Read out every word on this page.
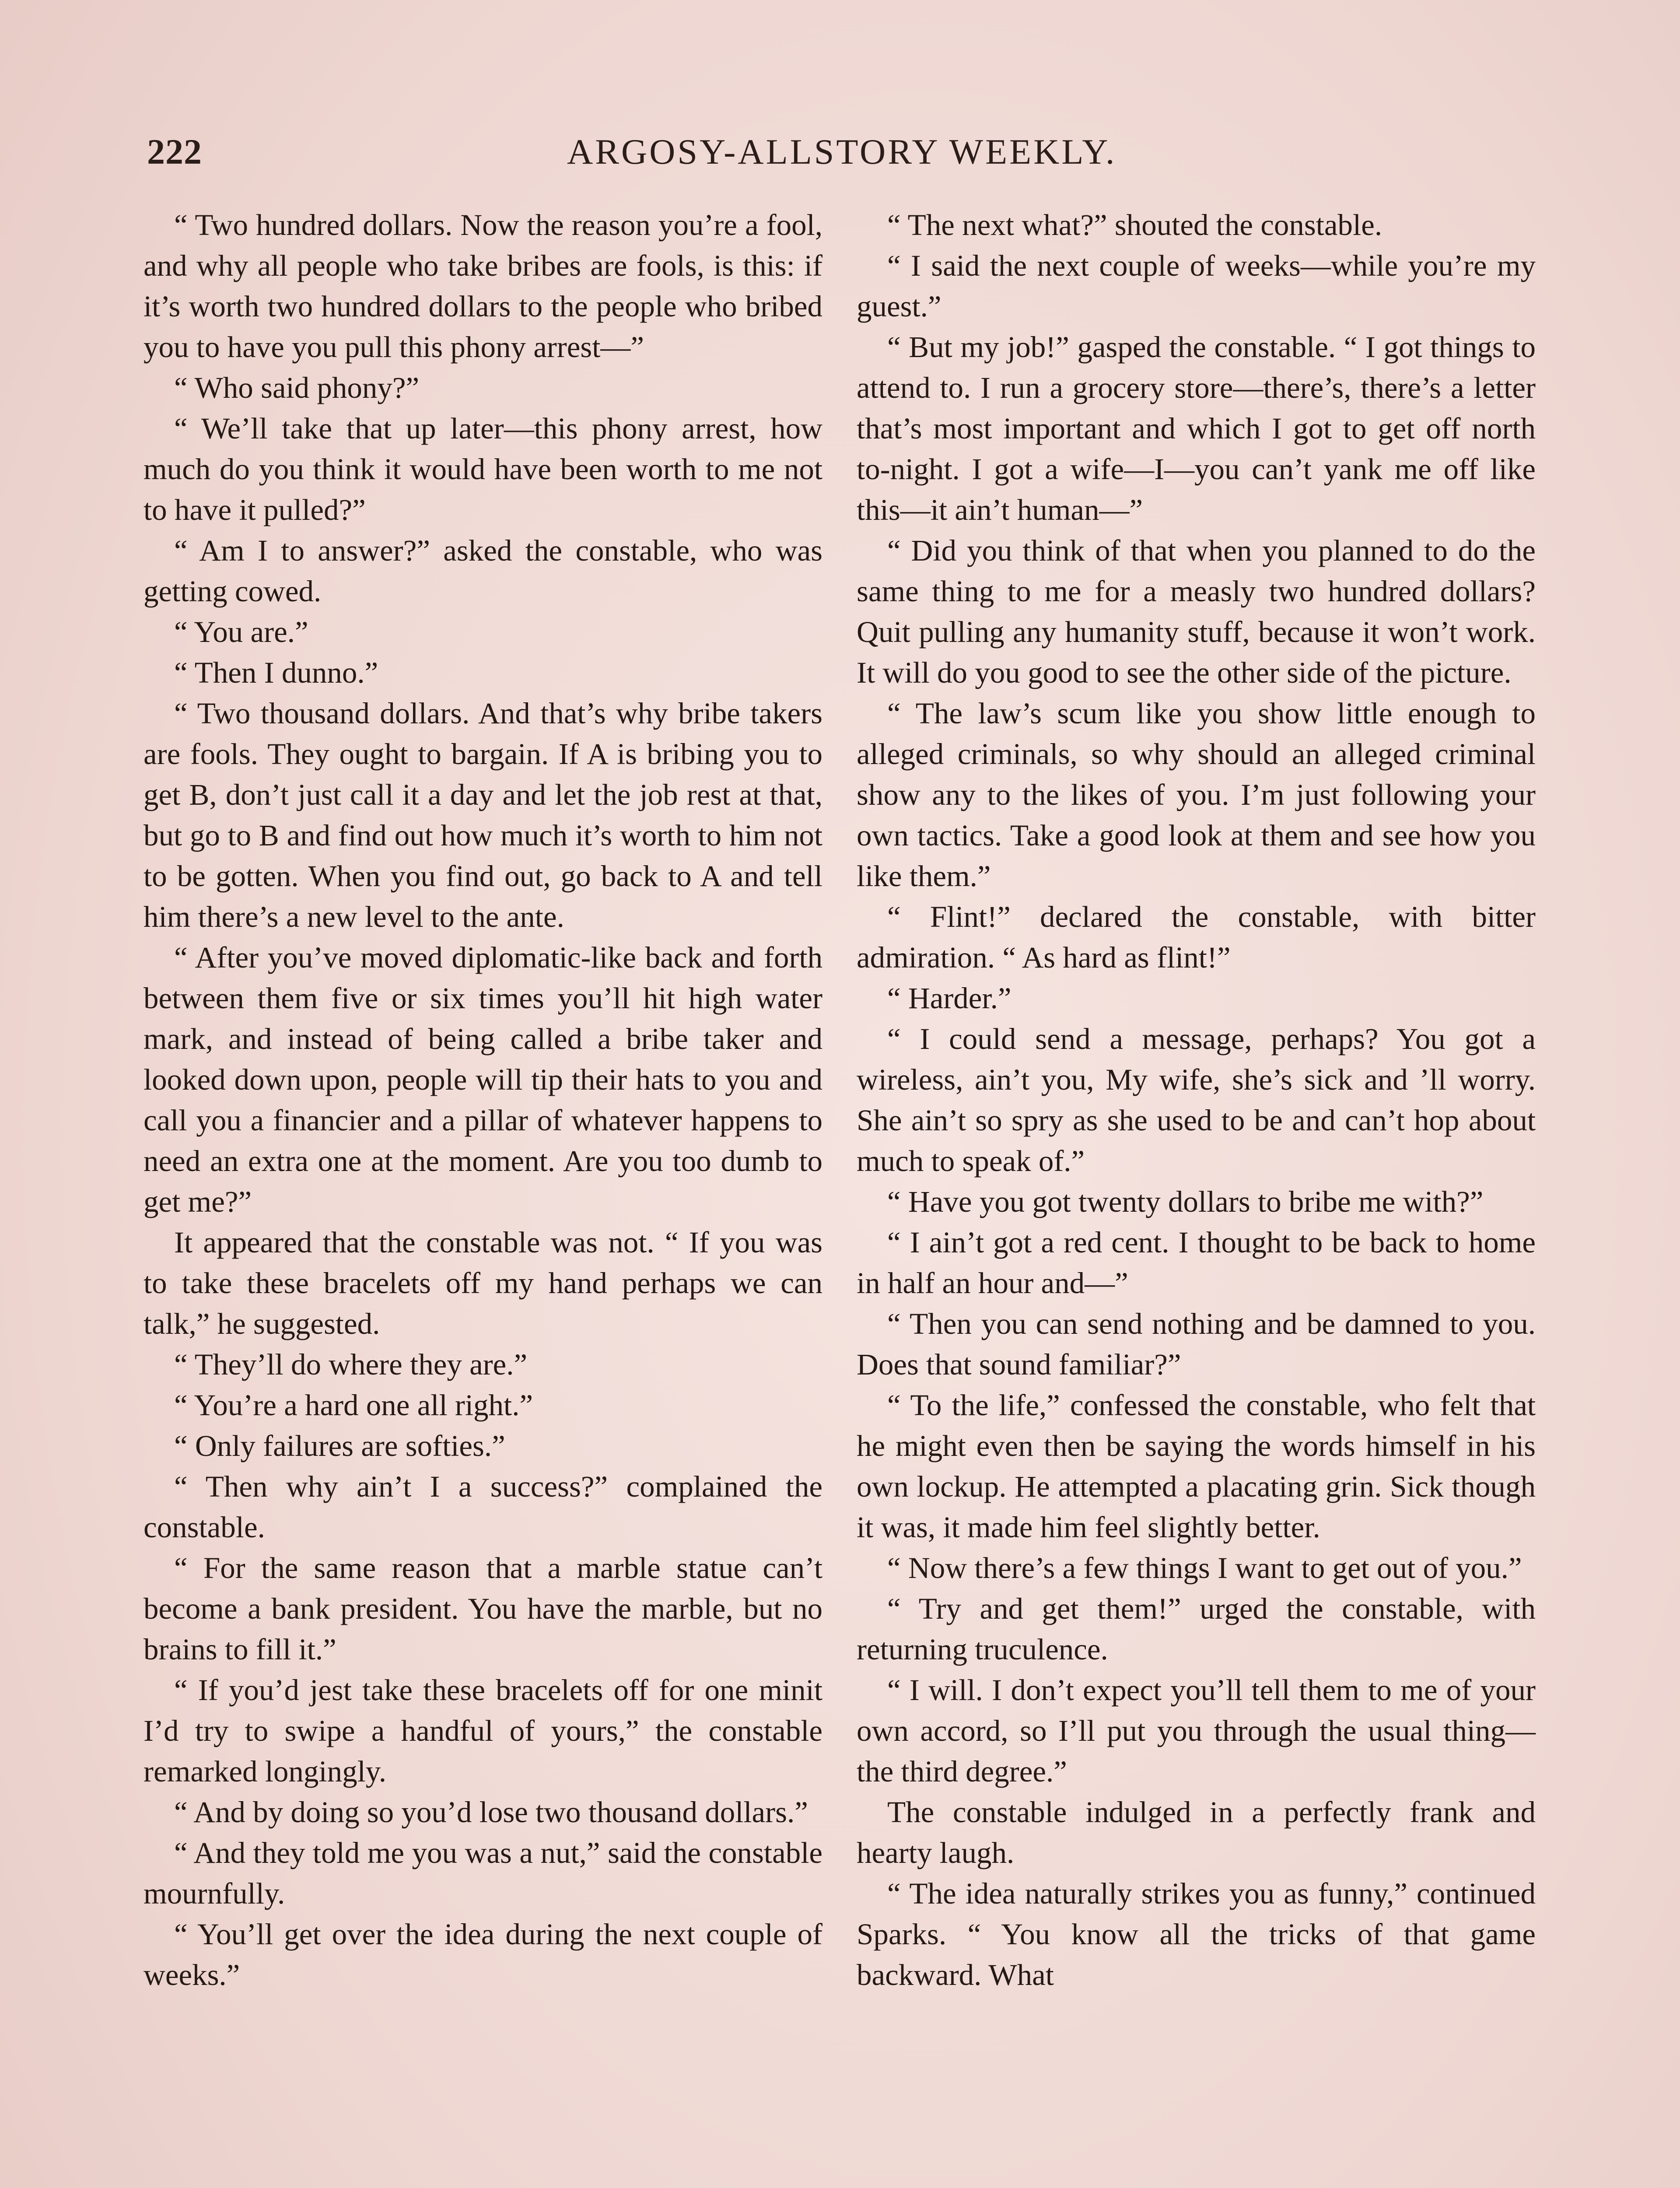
222	ARGOSY-ALLSTORY WEEKLY.

“ Two hundred dollars. Now the reason you’re a fool, and why all people who take bribes are fools, is this: if it’s worth two hundred dollars to the people who bribed you to have you pull this phony arrest—”

“ Who said phony?”

“ We’ll take that up later—this phony arrest, how much do you think it would have been worth to me not to have it pulled?”

“ Am I to answer?” asked the constable, who was getting cowed.

“ You are.”

“ Then I dunno.”

“ Two thousand dollars. And that’s why bribe takers are fools. They ought to bargain. If A is bribing you to get B, don’t just call it a day and let the job rest at that, but go to B and find out how much it’s worth to him not to be gotten. When you find out, go back to A and tell him there’s a new level to the ante.

“ After you’ve moved diplomatic-like back and forth between them five or six times you’ll hit high water mark, and instead of being called a bribe taker and looked down upon, people will tip their hats to you and call you a financier and a pillar of whatever happens to need an extra one at the moment. Are you too dumb to get me?”

It appeared that the constable was not. “ If you was to take these bracelets off my hand perhaps we can talk,” he suggested.

“ They’ll do where they are.”

“ You’re a hard one all right.”

“ Only failures are softies.”

“ Then why ain’t I a success?” complained the constable.

“ For the same reason that a marble statue can’t become a bank president. You have the marble, but no brains to fill it.”

“ If you’d jest take these bracelets off for one minit I’d try to swipe a handful of yours,” the constable remarked longingly.

“ And by doing so you’d lose two thousand dollars.”

“ And they told me you was a nut,” said the constable mournfully.

“ You’ll get over the idea during the next couple of weeks.”

“ The next what?” shouted the constable.

“ I said the next couple of weeks—while you’re my guest.”

“ But my job!” gasped the constable. “ I got things to attend to. I run a grocery store—there’s, there’s a letter that’s most important and which I got to get off north to-night. I got a wife—I—you can’t yank me off like this—it ain’t human—”

“ Did you think of that when you planned to do the same thing to me for a measly two hundred dollars? Quit pulling any humanity stuff, because it won’t work. It will do you good to see the other side of the picture.

“ The law’s scum like you show little enough to alleged criminals, so why should an alleged criminal show any to the likes of you. I’m just following your own tactics. Take a good look at them and see how you like them.”

“ Flint!” declared the constable, with bitter admiration. “ As hard as flint!”

“ Harder.”

“ I could send a message, perhaps? You got a wireless, ain’t you, My wife, she’s sick and ’ll worry. She ain’t so spry as she used to be and can’t hop about much to speak of.”

“ Have you got twenty dollars to bribe me with?”

“ I ain’t got a red cent. I thought to be back to home in half an hour and—”

“ Then you can send nothing and be damned to you. Does that sound familiar?”

“ To the life,” confessed the constable, who felt that he might even then be saying the words himself in his own lockup. He attempted a placating grin. Sick though it was, it made him feel slightly better.

“ Now there’s a few things I want to get out of you.”

“ Try and get them!” urged the constable, with returning truculence.

“ I will. I don’t expect you’ll tell them to me of your own accord, so I’ll put you through the usual thing—the third degree.”

The constable indulged in a perfectly frank and hearty laugh.

“ The idea naturally strikes you as funny,” continued Sparks. “ You know all the tricks of that game backward. What
